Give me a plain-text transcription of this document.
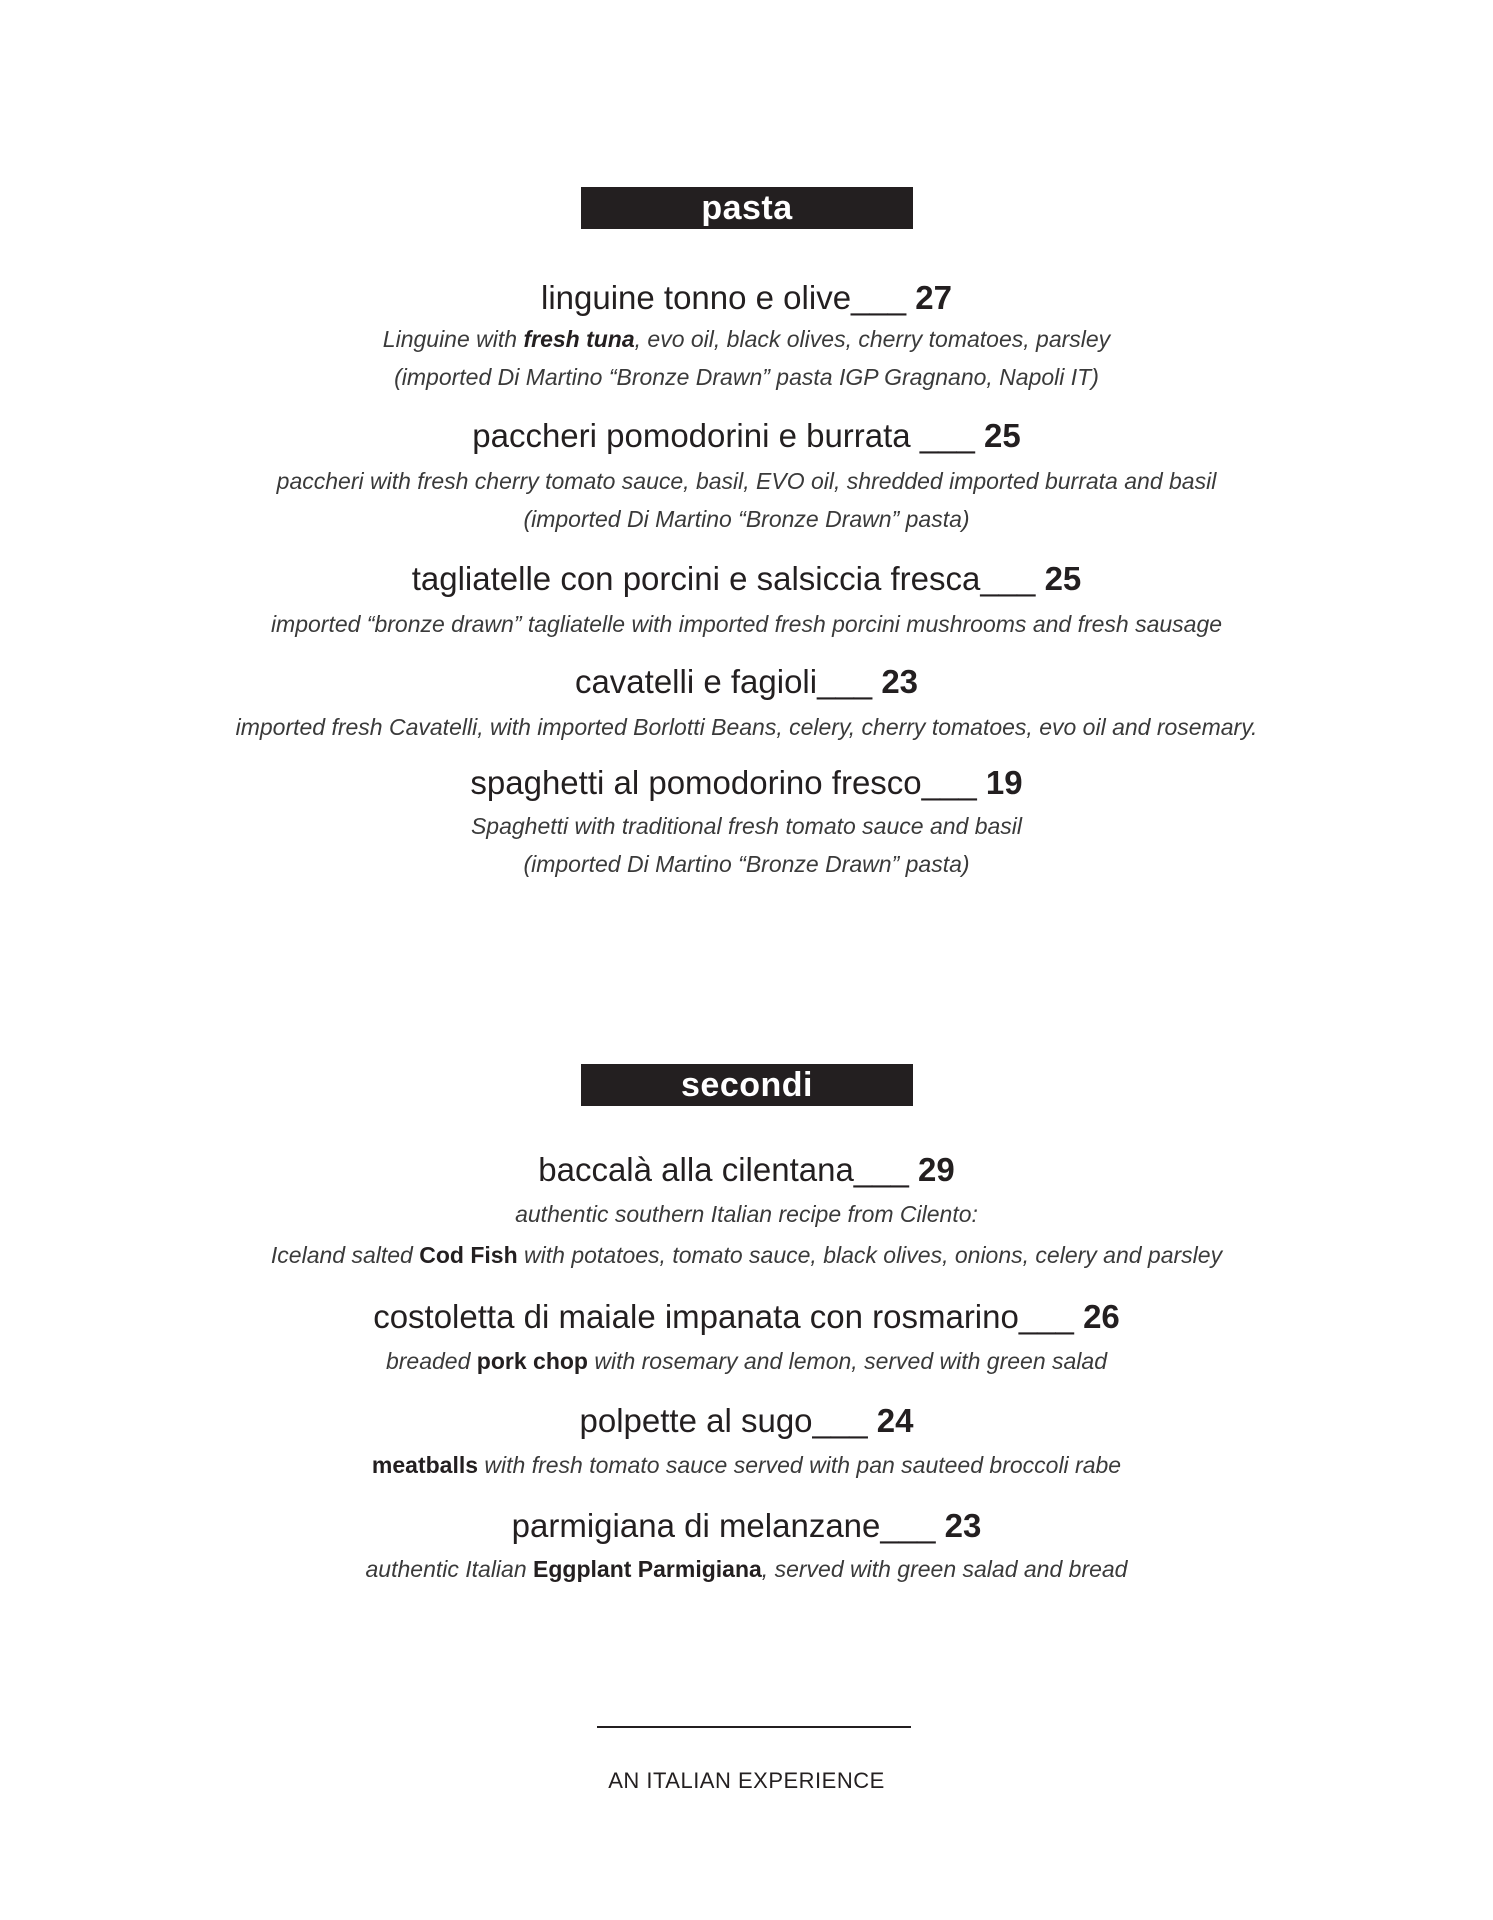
pasta
linguine tonno e olive___ 27
Linguine with fresh tuna, evo oil, black olives, cherry tomatoes, parsley
(imported Di Martino “Bronze Drawn” pasta IGP Gragnano, Napoli IT)
paccheri pomodorini e burrata ___ 25
paccheri with fresh cherry tomato sauce, basil, EVO oil, shredded imported burrata and basil
(imported Di Martino “Bronze Drawn” pasta)
tagliatelle con porcini e salsiccia fresca___ 25
imported “bronze drawn” tagliatelle with imported fresh porcini mushrooms and fresh sausage
cavatelli e fagioli___ 23
imported fresh Cavatelli, with imported Borlotti Beans, celery, cherry tomatoes, evo oil and rosemary.
spaghetti al pomodorino fresco___ 19
Spaghetti with traditional fresh tomato sauce and basil
(imported Di Martino “Bronze Drawn” pasta)
secondi
baccalà alla cilentana___ 29
authentic southern Italian recipe from Cilento:
Iceland salted Cod Fish with potatoes, tomato sauce, black olives, onions, celery and parsley
costoletta di maiale impanata con rosmarino___ 26
breaded pork chop with rosemary and lemon, served with green salad
polpette al sugo___ 24
meatballs with fresh tomato sauce served with pan sauteed broccoli rabe
parmigiana di melanzane___ 23
authentic Italian Eggplant Parmigiana, served with green salad and bread
AN ITALIAN EXPERIENCE
